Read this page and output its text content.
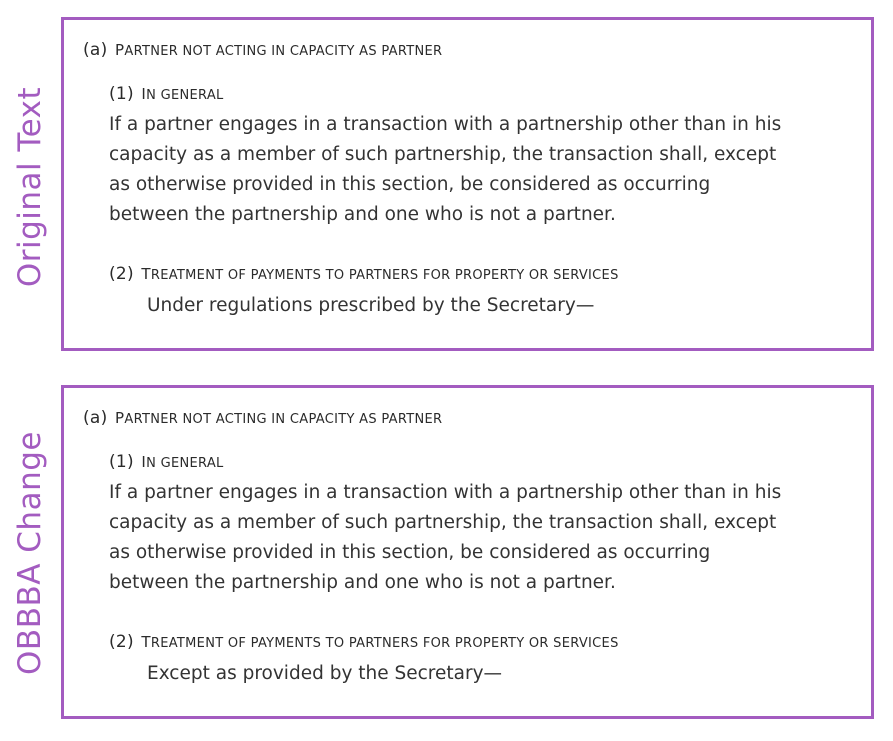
Original Text
OBBBA Change
(a) PARTNER NOT ACTING IN CAPACITY AS PARTNER
(1) IN GENERAL
If a partner engages in a transaction with a partnership other than in his
capacity as a member of such partnership, the transaction shall, except
as otherwise provided in this section, be considered as occurring
between the partnership and one who is not a partner.
(2) TREATMENT OF PAYMENTS TO PARTNERS FOR PROPERTY OR SERVICES
Under regulations prescribed by the Secretary—
(a) PARTNER NOT ACTING IN CAPACITY AS PARTNER
(1) IN GENERAL
If a partner engages in a transaction with a partnership other than in his
capacity as a member of such partnership, the transaction shall, except
as otherwise provided in this section, be considered as occurring
between the partnership and one who is not a partner.
(2) TREATMENT OF PAYMENTS TO PARTNERS FOR PROPERTY OR SERVICES
Except as provided by the Secretary—
